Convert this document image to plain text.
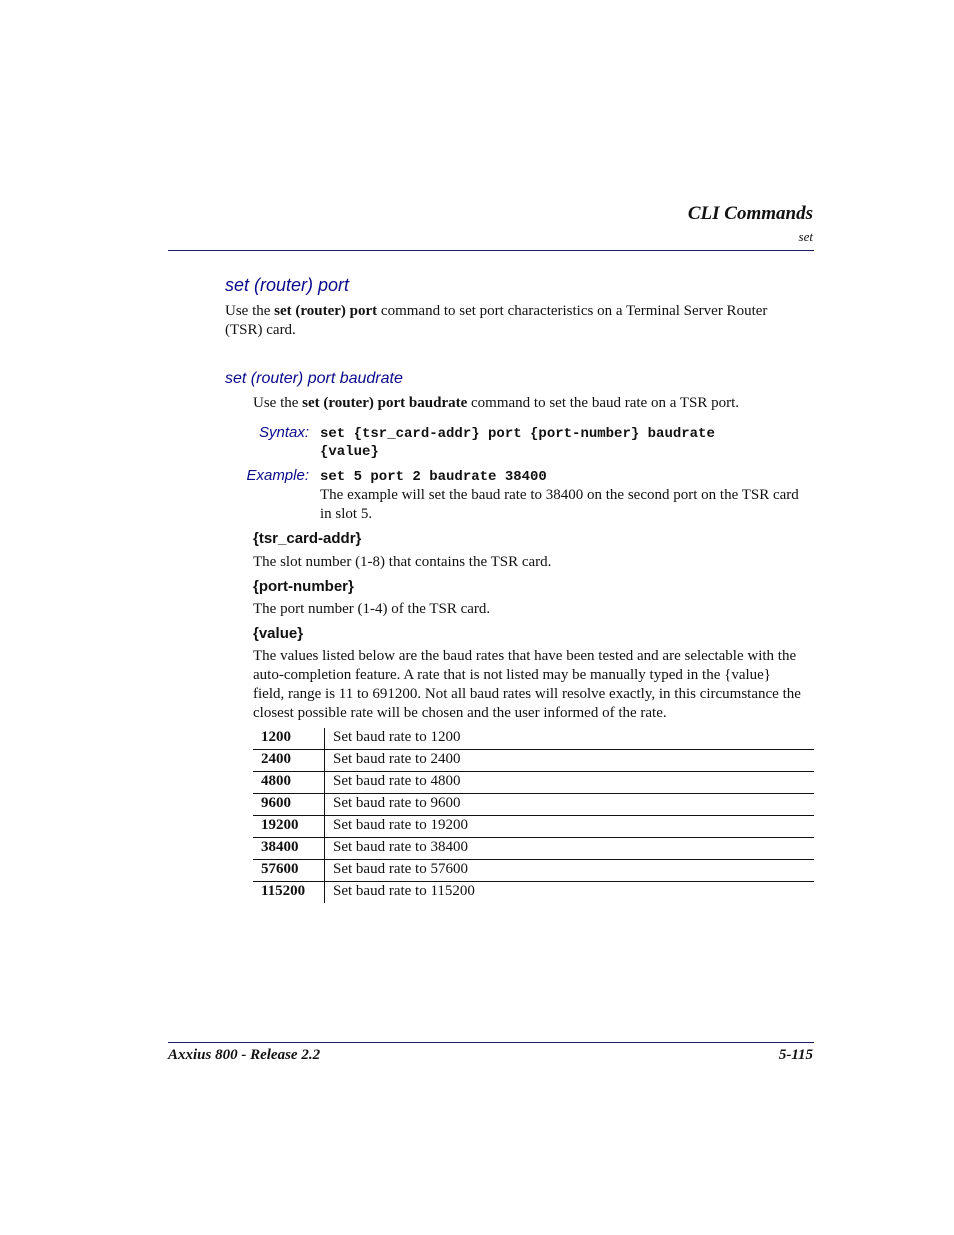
CLI Commands
set
set (router) port
Use the set (router) port command to set port characteristics on a Terminal Server Router
(TSR) card.
set (router) port baudrate
Use the set (router) port baudrate command to set the baud rate on a TSR port.
Syntax: set {tsr_card-addr} port {port-number} baudrate
{value}
Example: set 5 port 2 baudrate 38400
The example will set the baud rate to 38400 on the second port on the TSR card
in slot 5.
{tsr_card-addr}
The slot number (1-8) that contains the TSR card.
{port-number}
The port number (1-4) of the TSR card.
{value}
The values listed below are the baud rates that have been tested and are selectable with the
auto-completion feature. A rate that is not listed may be manually typed in the {value}
field, range is 11 to 691200. Not all baud rates will resolve exactly, in this circumstance the
closest possible rate will be chosen and the user informed of the rate.
1200	Set baud rate to 1200
2400	Set baud rate to 2400
4800	Set baud rate to 4800
9600	Set baud rate to 9600
19200	Set baud rate to 19200
38400	Set baud rate to 38400
57600	Set baud rate to 57600
115200	Set baud rate to 115200
Axxius 800 - Release 2.2	5-115
